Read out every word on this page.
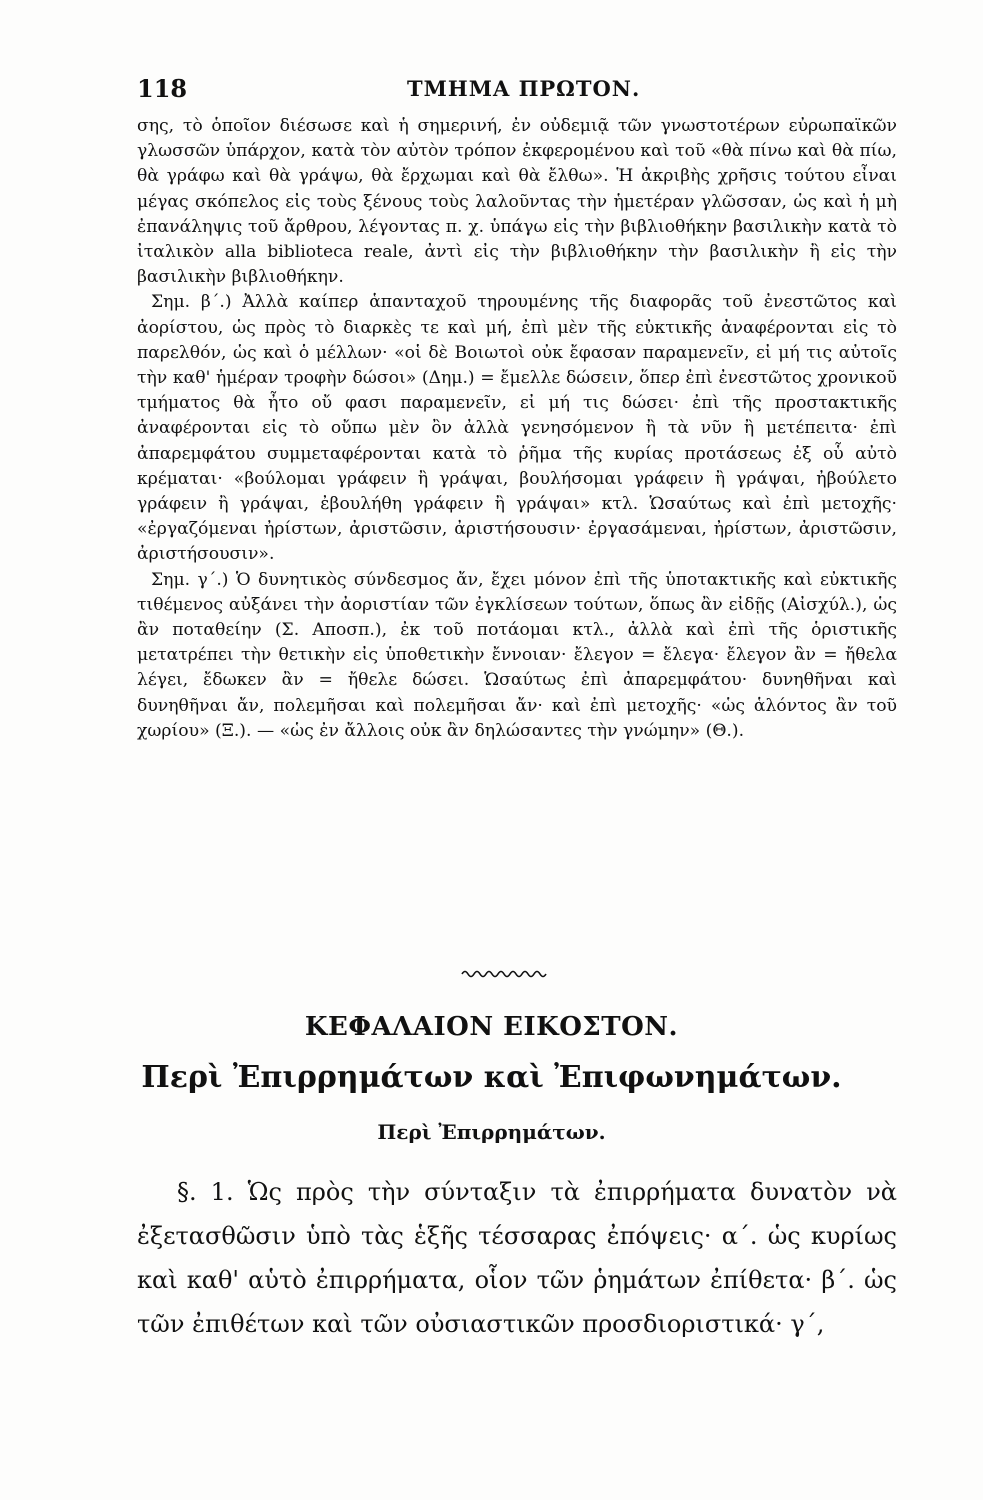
118	ΤΜΗΜΑ ΠΡΩΤΟΝ.

σης, τὸ ὁποῖον διέσωσε καὶ ἡ σημερινή, ἐν οὐδεμιᾷ τῶν γνωστοτέρων εὐρωπαϊκῶν γλωσσῶν ὑπάρχον, κατὰ τὸν αὐτὸν τρόπον ἐκφερομένου καὶ τοῦ «θὰ πίνω καὶ θὰ πίω, θὰ γράφω καὶ θὰ γράψω, θὰ ἔρχωμαι καὶ θὰ ἔλθω». Ἡ ἀκριβὴς χρῆσις τούτου εἶναι μέγας σκόπελος εἰς τοὺς ξένους τοὺς λαλοῦντας τὴν ἡμετέραν γλῶσσαν, ὡς καὶ ἡ μὴ ἐπανάληψις τοῦ ἄρθρου, λέγοντας π. χ. ὑπάγω εἰς τὴν βιβλιοθήκην βασιλικὴν κατὰ τὸ ἰταλικὸν alla biblioteca reale, ἀντὶ εἰς τὴν βιβλιοθήκην τὴν βασιλικὴν ἢ εἰς τὴν βασιλικὴν βιβλιοθήκην.

Σημ. β΄.) Ἀλλὰ καίπερ ἁπανταχοῦ τηρουμένης τῆς διαφορᾶς τοῦ ἐνεστῶτος καὶ ἀορίστου, ὡς πρὸς τὸ διαρκὲς τε καὶ μή, ἐπὶ μὲν τῆς εὐκτικῆς ἀναφέρονται εἰς τὸ παρελθόν, ὡς καὶ ὁ μέλλων· «οἱ δὲ Βοιωτοὶ οὐκ ἔφασαν παραμενεῖν, εἰ μή τις αὐτοῖς τὴν καθ' ἡμέραν τροφὴν δώσοι» (Δημ.) = ἔμελλε δώσειν, ὅπερ ἐπὶ ἐνεστῶτος χρονικοῦ τμήματος θὰ ἦτο οὔ φασι παραμενεῖν, εἰ μή τις δώσει· ἐπὶ τῆς προστακτικῆς ἀναφέρονται εἰς τὸ οὔπω μὲν ὂν ἀλλὰ γενησόμενον ἢ τὰ νῦν ἢ μετέπειτα· ἐπὶ ἀπαρεμφάτου συμμεταφέρονται κατὰ τὸ ῥῆμα τῆς κυρίας προτάσεως ἐξ οὗ αὐτὸ κρέμαται· «βούλομαι γράφειν ἢ γράψαι, βουλήσομαι γράφειν ἢ γράψαι, ἠβούλετο γράφειν ἢ γράψαι, ἐβουλήθη γράφειν ἢ γράψαι» κτλ. Ὡσαύτως καὶ ἐπὶ μετοχῆς· «ἐργαζόμεναι ἠρίστων, ἀριστῶσιν, ἀριστήσουσιν· ἐργασάμεναι, ἠρίστων, ἀριστῶσιν, ἀριστήσουσιν».

Σημ. γ΄.) Ὁ δυνητικὸς σύνδεσμος ἄν, ἔχει μόνον ἐπὶ τῆς ὑποτακτικῆς καὶ εὐκτικῆς τιθέμενος αὐξάνει τὴν ἀοριστίαν τῶν ἐγκλίσεων τούτων, ὅπως ἂν εἰδῇς (Αἰσχύλ.), ὡς ἂν ποταθείην (Σ. Αποσπ.), ἐκ τοῦ ποτάομαι κτλ., ἀλλὰ καὶ ἐπὶ τῆς ὁριστικῆς μετατρέπει τὴν θετικὴν εἰς ὑποθετικὴν ἔννοιαν· ἔλεγον = ἔλεγα· ἔλεγον ἂν = ἤθελα λέγει, ἔδωκεν ἂν = ἤθελε δώσει. Ὡσαύτως ἐπὶ ἀπαρεμφάτου· δυνηθῆναι καὶ δυνηθῆναι ἄν, πολεμῆσαι καὶ πολεμῆσαι ἄν· καὶ ἐπὶ μετοχῆς· «ὡς ἁλόντος ἂν τοῦ χωρίου» (Ξ.). — «ὡς ἐν ἄλλοις οὐκ ἂν δηλώσαντες τὴν γνώμην» (Θ.).

ΚΕΦΑΛΑΙΟΝ ΕΙΚΟΣΤΟΝ.
Περὶ Ἐπιρρημάτων καὶ Ἐπιφωνημάτων.
Περὶ Ἐπιρρημάτων.

§. 1. Ὡς πρὸς τὴν σύνταξιν τὰ ἐπιρρήματα δυνατὸν νὰ ἐξετασθῶσιν ὑπὸ τὰς ἑξῆς τέσσαρας ἐπόψεις· α΄. ὡς κυρίως καὶ καθ' αὑτὸ ἐπιρρήματα, οἷον τῶν ῥημάτων ἐπίθετα· β΄. ὡς τῶν ἐπιθέτων καὶ τῶν οὐσιαστικῶν προσδιοριστικά· γ΄,
